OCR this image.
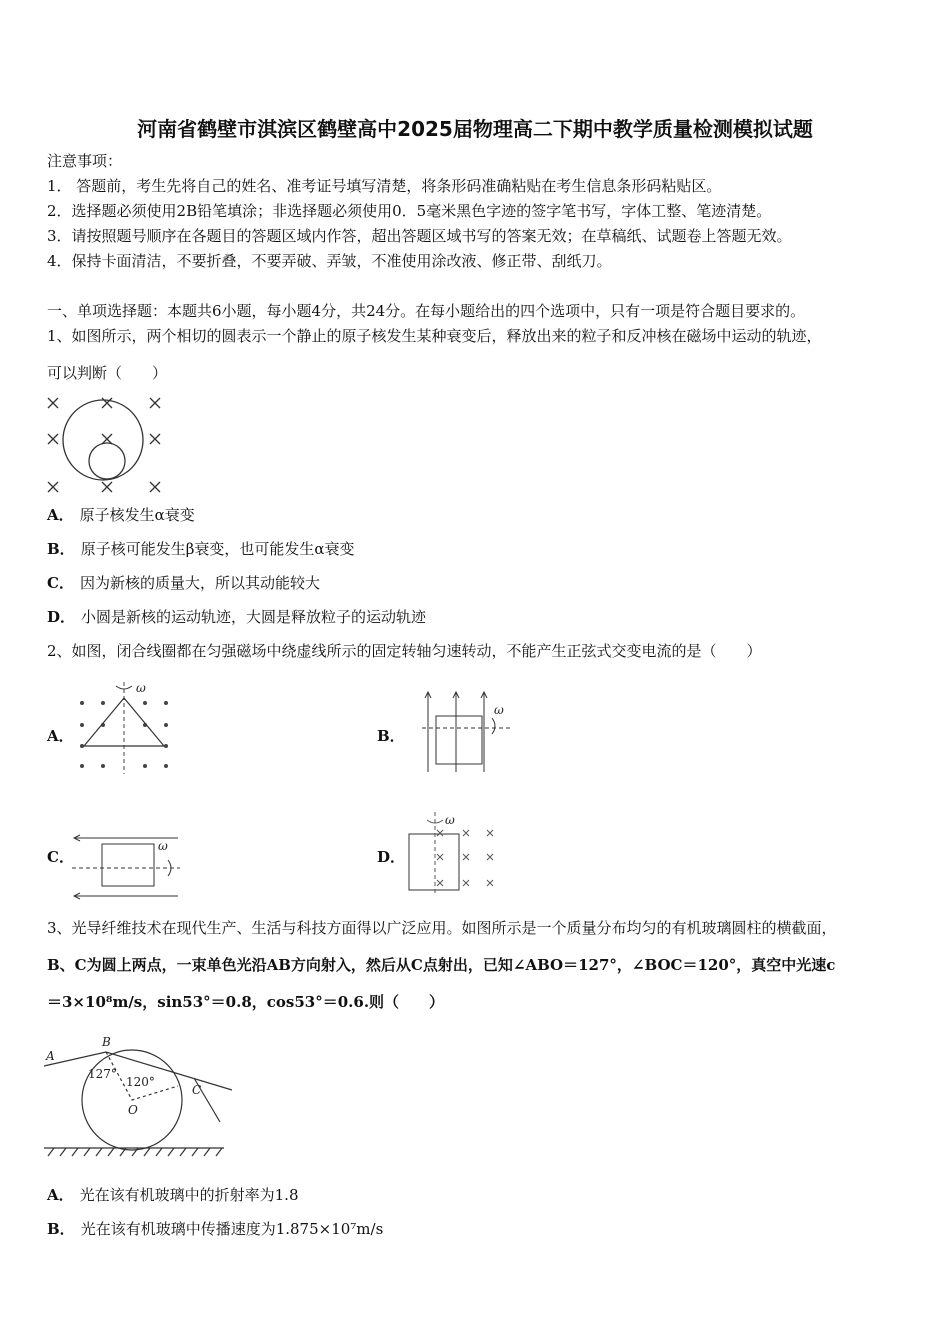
河南省鹤壁市淇滨区鹤壁高中2025届物理高二下期中教学质量检测模拟试题
注意事项：
1． 答题前，考生先将自己的姓名、准考证号填写清楚，将条形码准确粘贴在考生信息条形码粘贴区。
2．选择题必须使用2B铅笔填涂；非选择题必须使用0．5毫米黑色字迹的签字笔书写，字体工整、笔迹清楚。
3．请按照题号顺序在各题目的答题区域内作答，超出答题区域书写的答案无效；在草稿纸、试题卷上答题无效。
4．保持卡面清洁，不要折叠，不要弄破、弄皱，不准使用涂改液、修正带、刮纸刀。
一、单项选择题：本题共6小题，每小题4分，共24分。在每小题给出的四个选项中，只有一项是符合题目要求的。
1、如图所示，两个相切的圆表示一个静止的原子核发生某种衰变后，释放出来的粒子和反冲核在磁场中运动的轨迹，
可以判断（　　）
A． 原子核发生α衰变
B． 原子核可能发生β衰变，也可能发生α衰变
C． 因为新核的质量大，所以其动能较大
D． 小圆是新核的运动轨迹，大圆是释放粒子的运动轨迹
2、如图，闭合线圈都在匀强磁场中绕虚线所示的固定转轴匀速转动，不能产生正弦式交变电流的是（　　）
A．
ω
B．
ω
C．
ω
D．
ω
3、光导纤维技术在现代生产、生活与科技方面得以广泛应用。如图所示是一个质量分布均匀的有机玻璃圆柱的横截面，
B、C为圆上两点，一束单色光沿AB方向射入，然后从C点射出，已知∠ABO＝127°，∠BOC＝120°，真空中光速c
＝3×10⁸m/s，sin53°＝0.8，cos53°＝0.6.则（　　）
A
B
C
O
127°
120°
A． 光在该有机玻璃中的折射率为1.8
B． 光在该有机玻璃中传播速度为1.875×10⁷m/s
